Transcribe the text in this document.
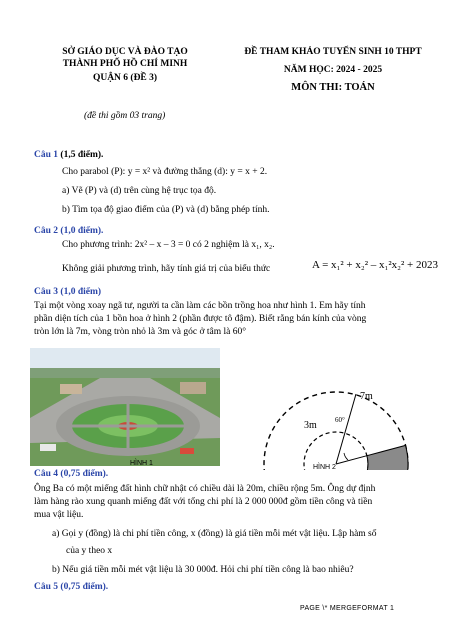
SỞ GIÁO DỤC VÀ ĐÀO TẠO
THÀNH PHỐ HỒ CHÍ MINH
QUẬN 6 (ĐỀ 3)
ĐỀ THAM KHẢO TUYỂN SINH 10 THPT
NĂM HỌC: 2024 - 2025
MÔN THI: TOÁN
(đề thi gồm 03 trang)
Câu 1 (1,5 điểm).
Cho parabol (P): y = x² và đường thẳng (d): y = x + 2.
a) Vẽ (P) và (d) trên cùng hệ trục tọa độ.
b) Tìm tọa độ giao điểm của (P) và (d) bằng phép tính.
Câu 2 (1,0 điểm).
Cho phương trình: 2x² – x – 3 = 0 có 2 nghiệm là x₁, x₂.
Không giải phương trình, hãy tính giá trị của biểu thức	A = x₁² + x₂² – x₁²x₂² + 2023
Câu 3 (1,0 điểm)
Tại một vòng xoay ngã tư, người ta cần làm các bồn trồng hoa như hình 1. Em hãy tính
phần diện tích của 1 bồn hoa ở hình 2 (phần được tô đậm). Biết rằng bán kính của vòng
tròn lớn là 7m, vòng tròn nhỏ là 3m và góc ở tâm là 60°
HÌNH 1
7m
3m	60°
HÌNH 2
Câu 4 (0,75 điểm).
Ông Ba có một miếng đất hình chữ nhật có chiều dài là 20m, chiều rộng 5m. Ông dự định
làm hàng rào xung quanh miếng đất với tổng chi phí là 2 000 000đ gồm tiền công và tiền
mua vật liệu.
a) Gọi y (đồng) là chi phí tiền công, x (đồng) là giá tiền mỗi mét vật liệu. Lập hàm số
của y theo x
b) Nếu giá tiền mỗi mét vật liệu là 30 000đ. Hỏi chi phí tiền công là bao nhiêu?
Câu 5 (0,75 điểm).
PAGE \* MERGEFORMAT 1
